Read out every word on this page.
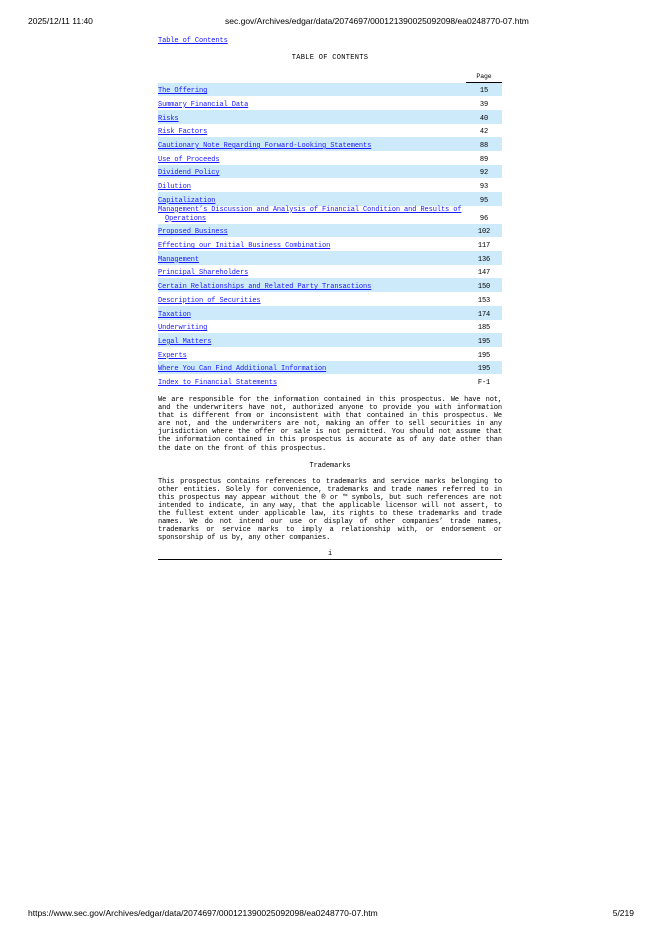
2025/12/11 11:40	sec.gov/Archives/edgar/data/2074697/000121390025092098/ea0248770-07.htm
Table of Contents
TABLE OF CONTENTS
	Page
The Offering	15
Summary Financial Data	39
Risks	40
Risk Factors	42
Cautionary Note Regarding Forward-Looking Statements	88
Use of Proceeds	89
Dividend Policy	92
Dilution	93
Capitalization	95

Management’s Discussion and Analysis of Financial Condition and Results of
Operations	96
Proposed Business	102
Effecting our Initial Business Combination	117
Management	136
Principal Shareholders	147
Certain Relationships and Related Party Transactions	150
Description of Securities	153
Taxation	174
Underwriting	185
Legal Matters	195
Experts	195
Where You Can Find Additional Information	195
Index to Financial Statements	F-1

We are responsible for the information contained in this prospectus. We have not, and the underwriters have not, authorized anyone to provide you with information that is different from or inconsistent with that contained in this prospectus. We are not, and the underwriters are not, making an offer to sell securities in any jurisdiction where the offer or sale is not permitted. You should not assume that the information contained in this prospectus is accurate as of any date other than the date on the front of this prospectus.

Trademarks

This prospectus contains references to trademarks and service marks belonging to other entities. Solely for convenience, trademarks and trade names referred to in this prospectus may appear without the ® or ™ symbols, but such references are not intended to indicate, in any way, that the applicable licensor will not assert, to the fullest extent under applicable law, its rights to these trademarks and trade names. We do not intend our use or display of other companies’ trade names, trademarks or service marks to imply a relationship with, or endorsement or sponsorship of us by, any other companies.

i
https://www.sec.gov/Archives/edgar/data/2074697/000121390025092098/ea0248770-07.htm	5/219
